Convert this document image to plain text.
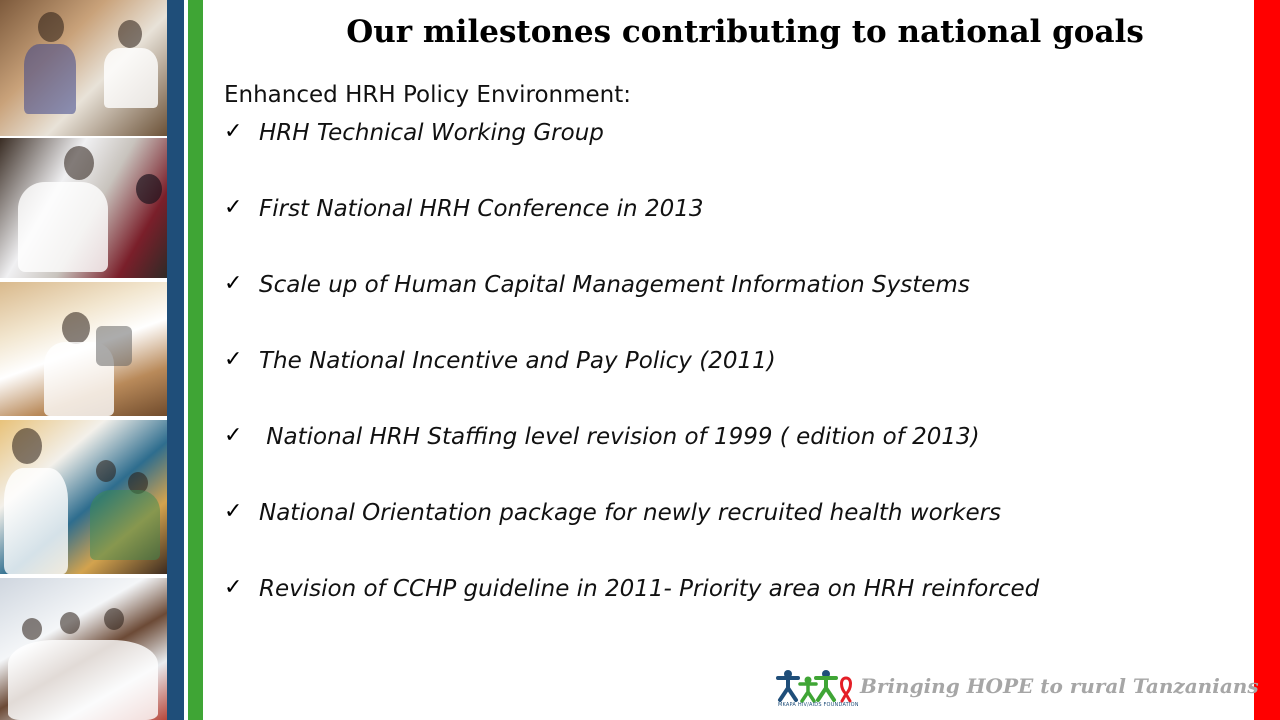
Our milestones contributing to national goals
Enhanced HRH Policy Environment:
✓ HRH Technical Working Group
✓ First National HRH Conference in 2013
✓ Scale up of Human Capital Management Information Systems
✓ The National Incentive and Pay Policy (2011)
✓ National HRH Staffing level revision of 1999 ( edition of 2013)
✓ National Orientation package for newly recruited health workers
✓ Revision of CCHP guideline in 2011- Priority area on HRH reinforced
MKAPA HIV/AIDS FOUNDATION
Bringing HOPE to rural Tanzanians
